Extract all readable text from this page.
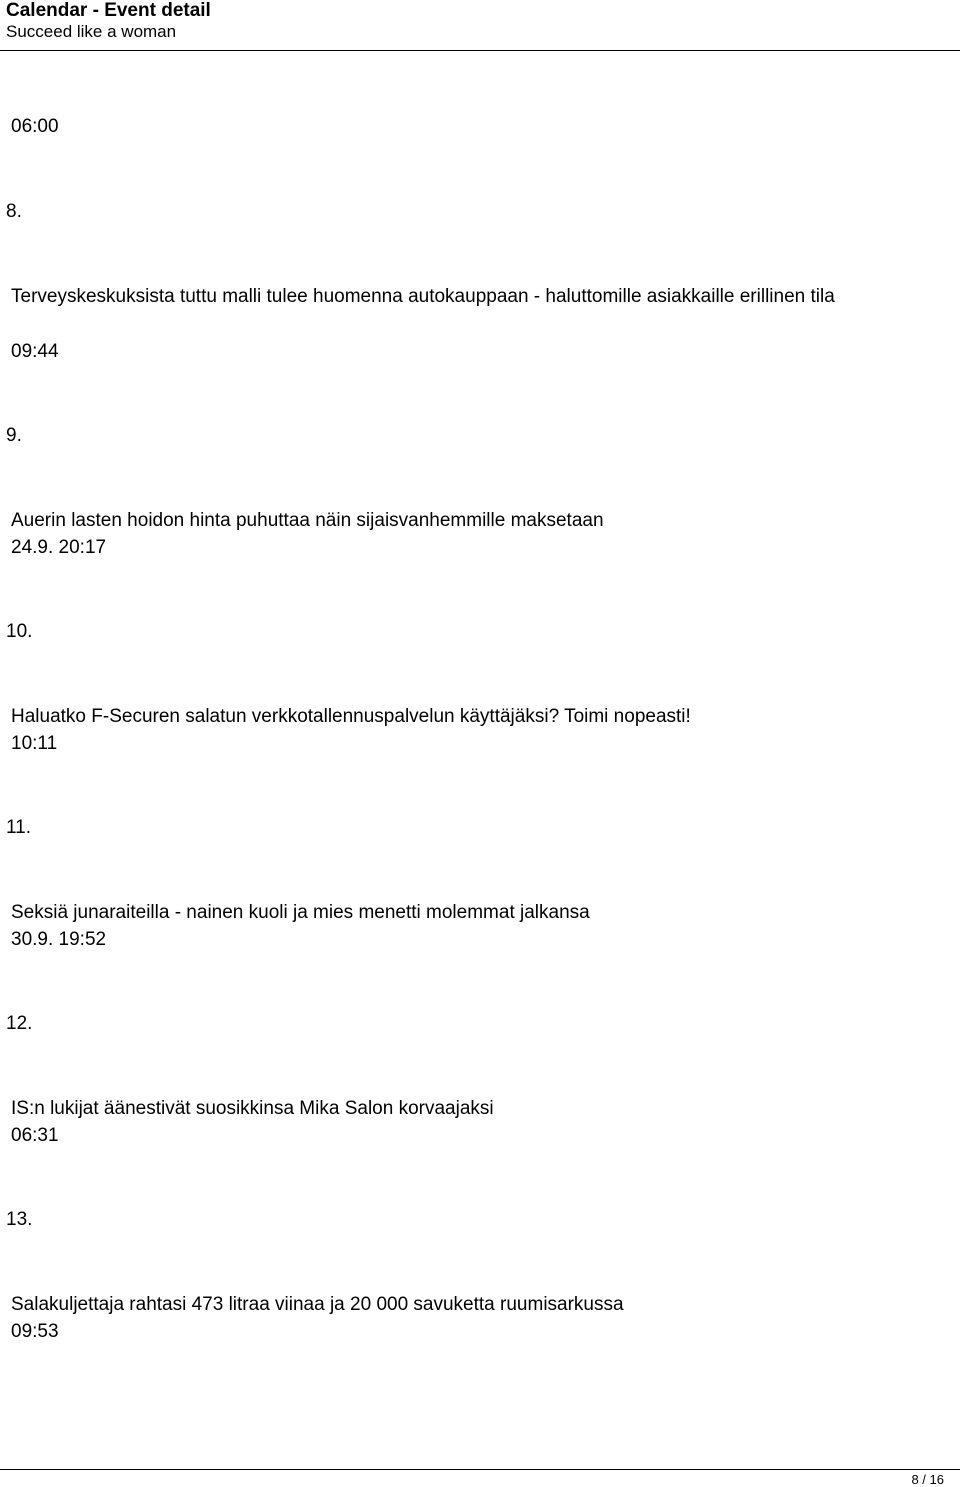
Calendar - Event detail
Succeed like a woman
06:00
8.
Terveyskeskuksista tuttu malli tulee huomenna autokauppaan - haluttomille asiakkaille erillinen tila
09:44
9.
Auerin lasten hoidon hinta puhuttaa näin sijaisvanhemmille maksetaan
24.9. 20:17
10.
Haluatko F-Securen salatun verkkotallennuspalvelun käyttäjäksi? Toimi nopeasti!
10:11
11.
Seksiä junaraiteilla - nainen kuoli ja mies menetti molemmat jalkansa
30.9. 19:52
12.
IS:n lukijat äänestivät suosikkinsa Mika Salon korvaajaksi
06:31
13.
Salakuljettaja rahtasi 473 litraa viinaa ja 20 000 savuketta ruumisarkussa
09:53
8 / 16
